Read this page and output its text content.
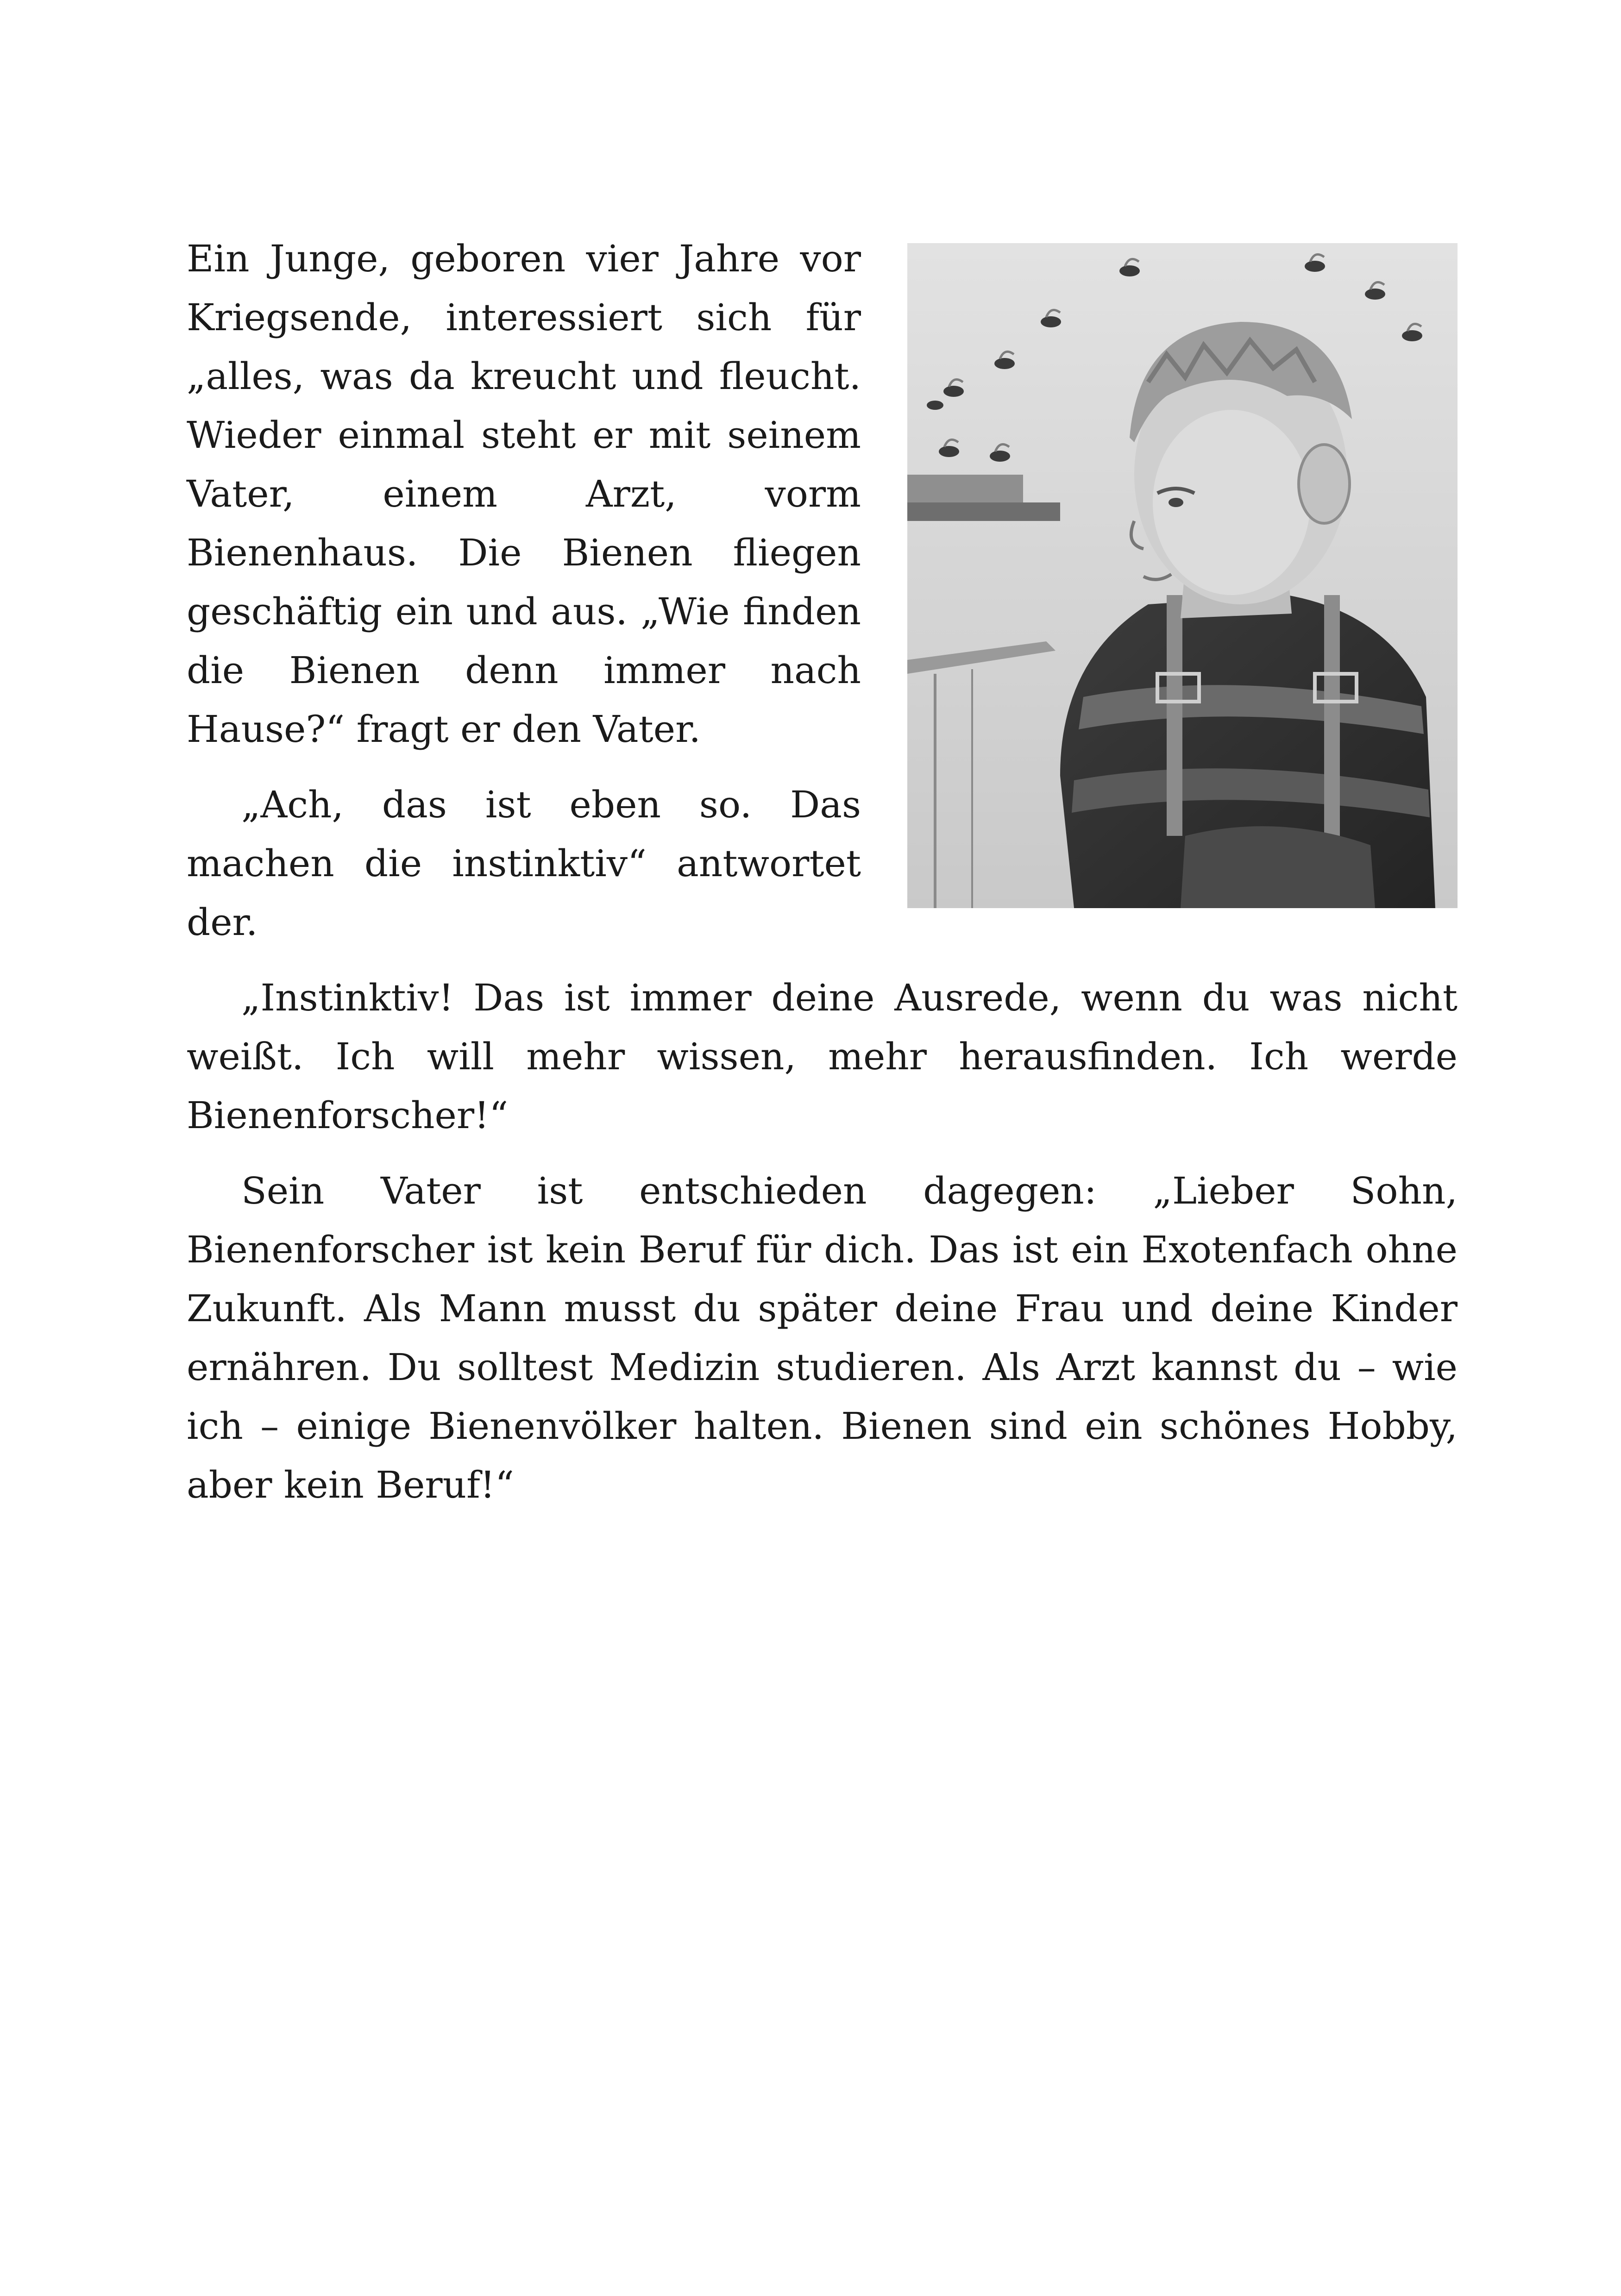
Ein Junge, geboren vier Jahre vor Kriegsende, interessiert sich für „alles, was da kreucht und fleucht. Wieder einmal steht er mit seinem Vater, einem Arzt, vorm Bienenhaus. Die Bienen fliegen geschäftig ein und aus. „Wie finden die Bienen denn immer nach Hause?“ fragt er den Vater.

„Ach, das ist eben so. Das machen die instinktiv“ antwortet der.

„Instinktiv! Das ist immer deine Ausrede, wenn du was nicht weißt. Ich will mehr wissen, mehr herausfinden. Ich werde Bienenforscher!“

Sein Vater ist entschieden dagegen: „Lieber Sohn, Bienenforscher ist kein Beruf für dich. Das ist ein Exotenfach ohne Zukunft. Als Mann musst du später deine Frau und deine Kinder ernähren. Du solltest Medizin studieren. Als Arzt kannst du – wie ich – einige Bienenvölker halten. Bienen sind ein schönes Hobby, aber kein Beruf!“
